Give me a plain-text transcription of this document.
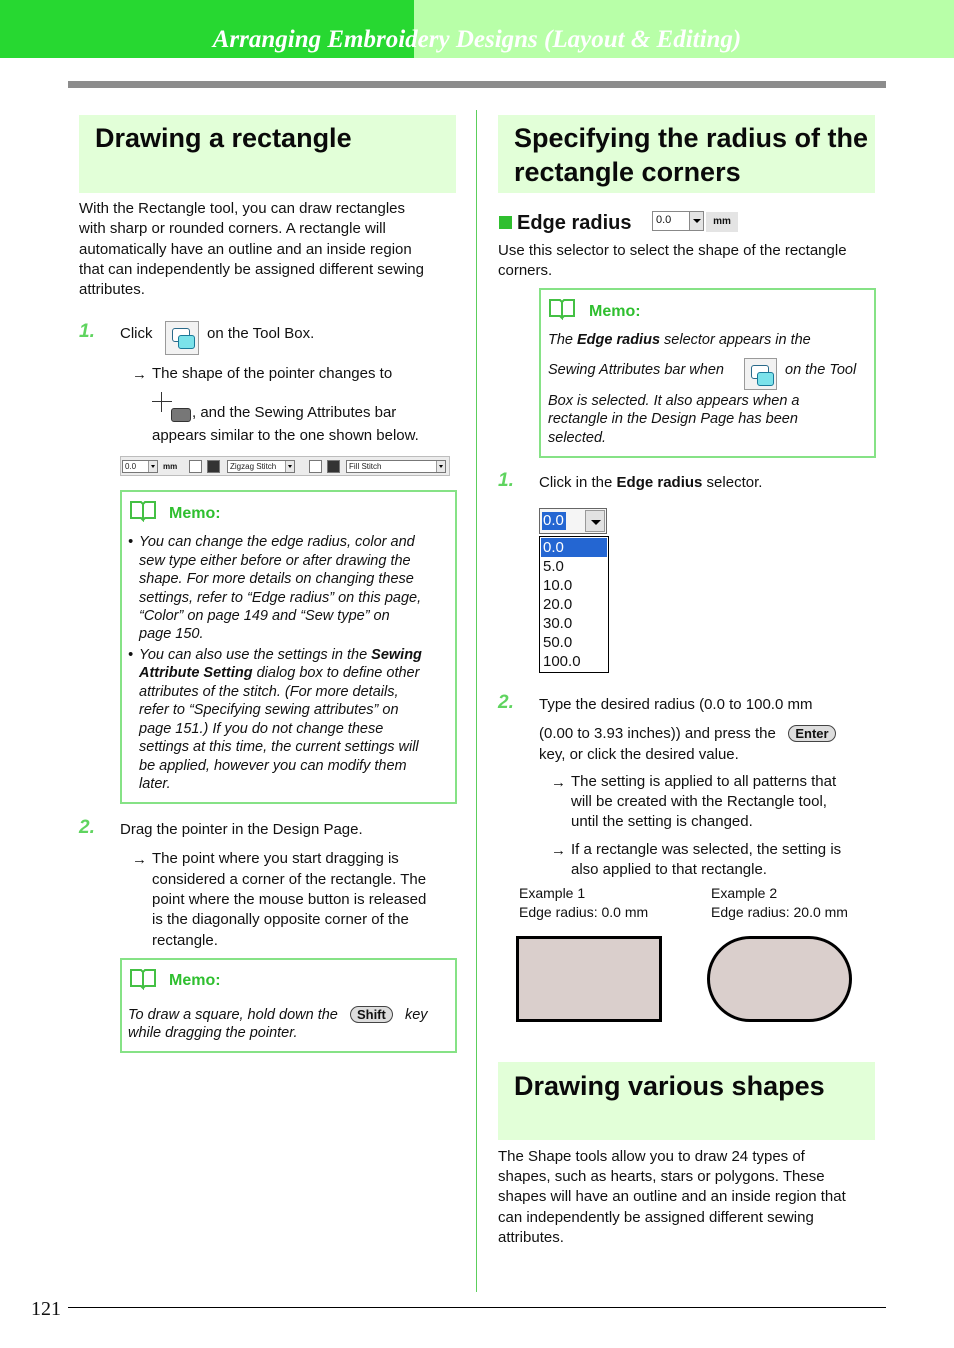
Arranging Embroidery Designs (Layout & Editing)
Drawing a rectangle
With the Rectangle tool, you can draw rectangles
with sharp or rounded corners. A rectangle will
automatically have an outline and an inside region
that can independently be assigned different sewing
attributes.
1. Click	on the Tool Box.
→ The shape of the pointer changes to
, and the Sewing Attributes bar
appears similar to the one shown below.
0.0	mm	Zigzag Stitch	Fill Stitch
Memo:
• You can change the edge radius, color and
sew type either before or after drawing the
shape. For more details on changing these
settings, refer to “Edge radius” on this page,
“Color” on page 149 and “Sew type” on
page 150.
• You can also use the settings in the Sewing
Attribute Setting dialog box to define other
attributes of the stitch. (For more details,
refer to “Specifying sewing attributes” on
page 151.) If you do not change these
settings at this time, the current settings will
be applied, however you can modify them
later.
2. Drag the pointer in the Design Page.
→ The point where you start dragging is
considered a corner of the rectangle. The
point where the mouse button is released
is the diagonally opposite corner of the
rectangle.
Memo:
To draw a square, hold down the Shift key
while dragging the pointer.
Specifying the radius of the
rectangle corners
Edge radius	0.0	mm
Use this selector to select the shape of the rectangle
corners.
Memo:
The Edge radius selector appears in the
Sewing Attributes bar when	on the Tool
Box is selected. It also appears when a
rectangle in the Design Page has been
selected.
1. Click in the Edge radius selector.
0.0
0.0
5.0
10.0
20.0
30.0
50.0
100.0
2. Type the desired radius (0.0 to 100.0 mm
(0.00 to 3.93 inches)) and press the Enter
key, or click the desired value.
→ The setting is applied to all patterns that
will be created with the Rectangle tool,
until the setting is changed.
→ If a rectangle was selected, the setting is
also applied to that rectangle.
Example 1
Edge radius: 0.0 mm
Example 2
Edge radius: 20.0 mm
Drawing various shapes
The Shape tools allow you to draw 24 types of
shapes, such as hearts, stars or polygons. These
shapes will have an outline and an inside region that
can independently be assigned different sewing
attributes.
121
